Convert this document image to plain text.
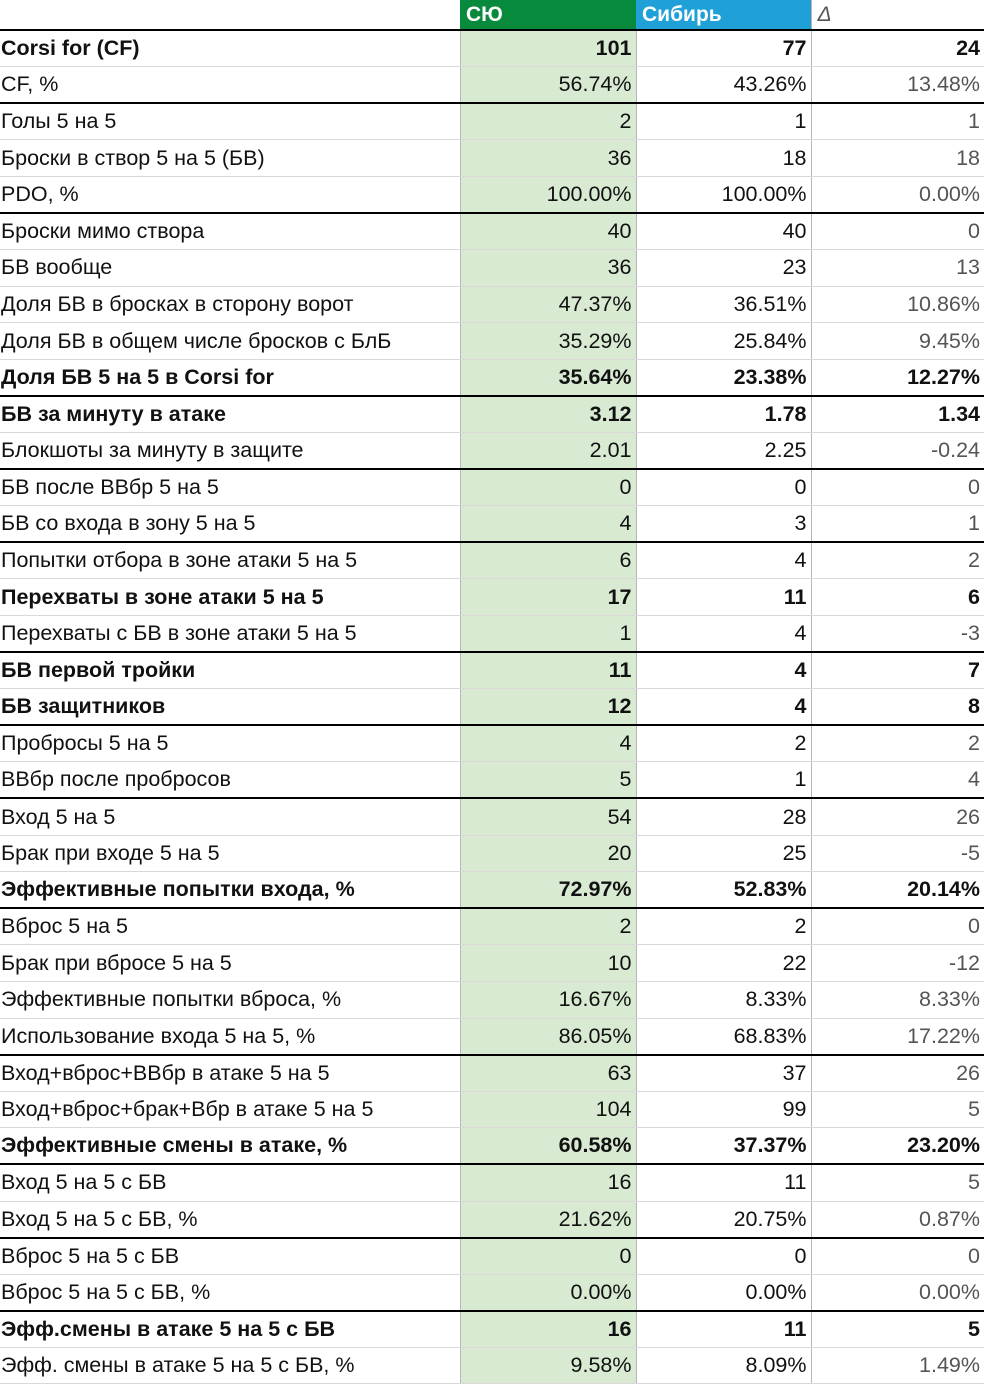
	СЮ	Сибирь	Δ
Corsi for (CF)	101	77	24
CF, %	56.74%	43.26%	13.48%
Голы 5 на 5	2	1	1
Броски в створ 5 на 5 (БВ)	36	18	18
PDO, %	100.00%	100.00%	0.00%
Броски мимо створа	40	40	0
БВ вообще	36	23	13
Доля БВ в бросках в сторону ворот	47.37%	36.51%	10.86%
Доля БВ в общем числе бросков с БлБ	35.29%	25.84%	9.45%
Доля БВ 5 на 5 в Corsi for	35.64%	23.38%	12.27%
БВ за минуту в атаке	3.12	1.78	1.34
Блокшоты за минуту в защите	2.01	2.25	-0.24
БВ после ВВбр 5 на 5	0	0	0
БВ со входа в зону 5 на 5	4	3	1
Попытки отбора в зоне атаки 5 на 5	6	4	2
Перехваты в зоне атаки 5 на 5	17	11	6
Перехваты с БВ в зоне атаки 5 на 5	1	4	-3
БВ первой тройки	11	4	7
БВ защитников	12	4	8
Пробросы 5 на 5	4	2	2
ВВбр после пробросов	5	1	4
Вход 5 на 5	54	28	26
Брак при входе 5 на 5	20	25	-5
Эффективные попытки входа, %	72.97%	52.83%	20.14%
Вброс 5 на 5	2	2	0
Брак при вбросе 5 на 5	10	22	-12
Эффективные попытки вброса, %	16.67%	8.33%	8.33%
Использование входа 5 на 5, %	86.05%	68.83%	17.22%
Вход+вброс+ВВбр в атаке 5 на 5	63	37	26
Вход+вброс+брак+Вбр в атаке 5 на 5	104	99	5
Эффективные смены в атаке, %	60.58%	37.37%	23.20%
Вход 5 на 5 с БВ	16	11	5
Вход 5 на 5 с БВ, %	21.62%	20.75%	0.87%
Вброс 5 на 5 с БВ	0	0	0
Вброс 5 на 5 с БВ, %	0.00%	0.00%	0.00%
Эфф.смены в атаке 5 на 5 с БВ	16	11	5
Эфф. смены в атаке 5 на 5 с БВ, %	9.58%	8.09%	1.49%
